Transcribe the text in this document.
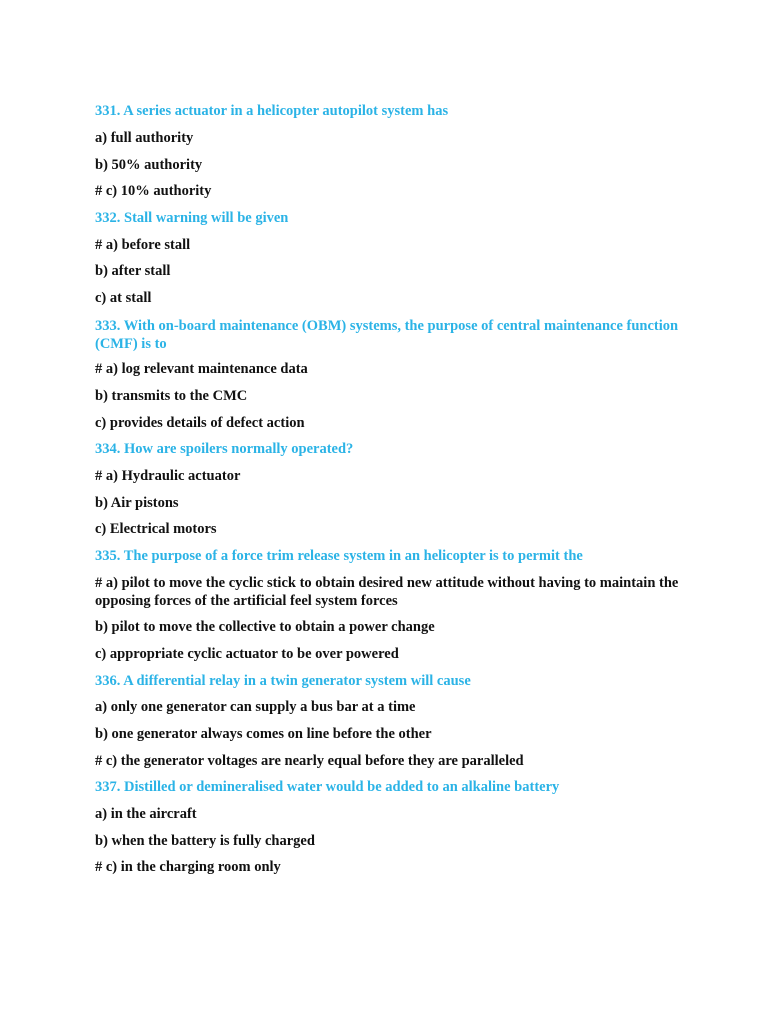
331. A series actuator in a helicopter autopilot system has
a) full authority
b) 50% authority
# c) 10% authority
332. Stall warning will be given
# a) before stall
b) after stall
c) at stall
333. With on-board maintenance (OBM) systems, the purpose of central maintenance function (CMF) is to
# a) log relevant maintenance data
b) transmits to the CMC
c) provides details of defect action
334. How are spoilers normally operated?
# a) Hydraulic actuator
b) Air pistons
c) Electrical motors
335. The purpose of a force trim release system in an helicopter is to permit the
# a) pilot to move the cyclic stick to obtain desired new attitude without having to maintain the opposing forces of the artificial feel system forces
b) pilot to move the collective to obtain a power change
c) appropriate cyclic actuator to be over powered
336. A differential relay in a twin generator system will cause
a) only one generator can supply a bus bar at a time
b) one generator always comes on line before the other
# c) the generator voltages are nearly equal before they are paralleled
337. Distilled or demineralised water would be added to an alkaline battery
a) in the aircraft
b) when the battery is fully charged
# c) in the charging room only
